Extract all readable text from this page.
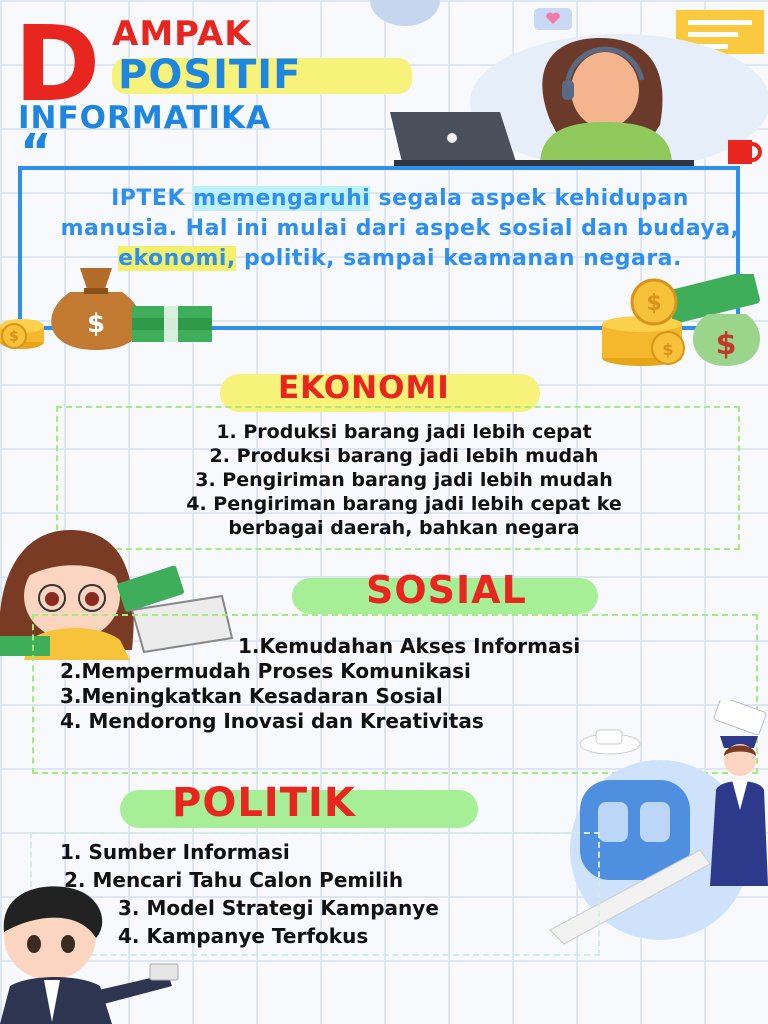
D AMPAK
POSITIF
INFORMATIKA
“
IPTEK memengaruhi segala aspek kehidupan manusia. Hal ini mulai dari aspek sosial dan budaya, ekonomi, politik, sampai keamanan negara.
$	$
$
$
$
EKONOMI
1. Produksi barang jadi lebih cepat
2. Produksi barang jadi lebih mudah
3. Pengiriman barang jadi lebih mudah
4. Pengiriman barang jadi lebih cepat ke
berbagai daerah, bahkan negara
SOSIAL
1.Kemudahan Akses Informasi
2.Mempermudah Proses Komunikasi
3.Meningkatkan Kesadaran Sosial
4. Mendorong Inovasi dan Kreativitas
POLITIK
1. Sumber Informasi
2. Mencari Tahu Calon Pemilih
3. Model Strategi Kampanye
4. Kampanye Terfokus
